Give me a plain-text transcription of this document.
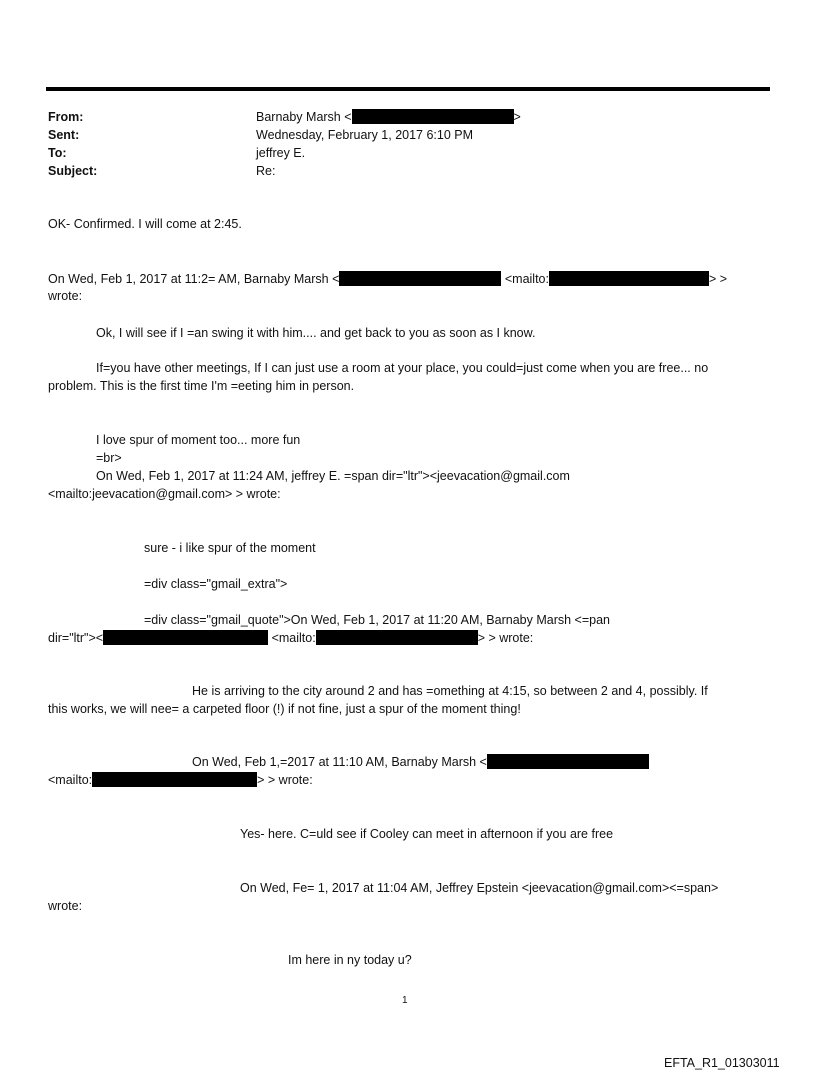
From:	Barnaby Marsh <	>
Sent:	Wednesday, February 1, 2017 6:10 PM
To:	jeffrey E.
Subject:	Re:
OK- Confirmed. I will come at 2:45.
On Wed, Feb 1, 2017 at 11:2= AM, Barnaby Marsh <	<mailto:	> >
wrote:
Ok, I will see if I =an swing it with him.... and get back to you as soon as I know.
If=you have other meetings, If I can just use a room at your place, you could=just come when you are free... no
problem. This is the first time I'm =eeting him in person.
I love spur of moment too... more fun
=br>
On Wed, Feb 1, 2017 at 11:24 AM, jeffrey E. =span dir="ltr"><jeevacation@gmail.com
<mailto:jeevacation@gmail.com> > wrote:
sure - i like spur of the moment
=div class="gmail_extra">
=div class="gmail_quote">On Wed, Feb 1, 2017 at 11:20 AM, Barnaby Marsh <=pan
dir="ltr"><	<mailto:	> > wrote:
He is arriving to the city around 2 and has =omething at 4:15, so between 2 and 4, possibly. If
this works, we will nee= a carpeted floor (!) if not fine, just a spur of the moment thing!
On Wed, Feb 1,=2017 at 11:10 AM, Barnaby Marsh <
<mailto:	> > wrote:
Yes- here. C=uld see if Cooley can meet in afternoon if you are free
On Wed, Fe= 1, 2017 at 11:04 AM, Jeffrey Epstein <jeevacation@gmail.com><=span>
wrote:
Im here in ny today u?
1
EFTA_R1_01303011
